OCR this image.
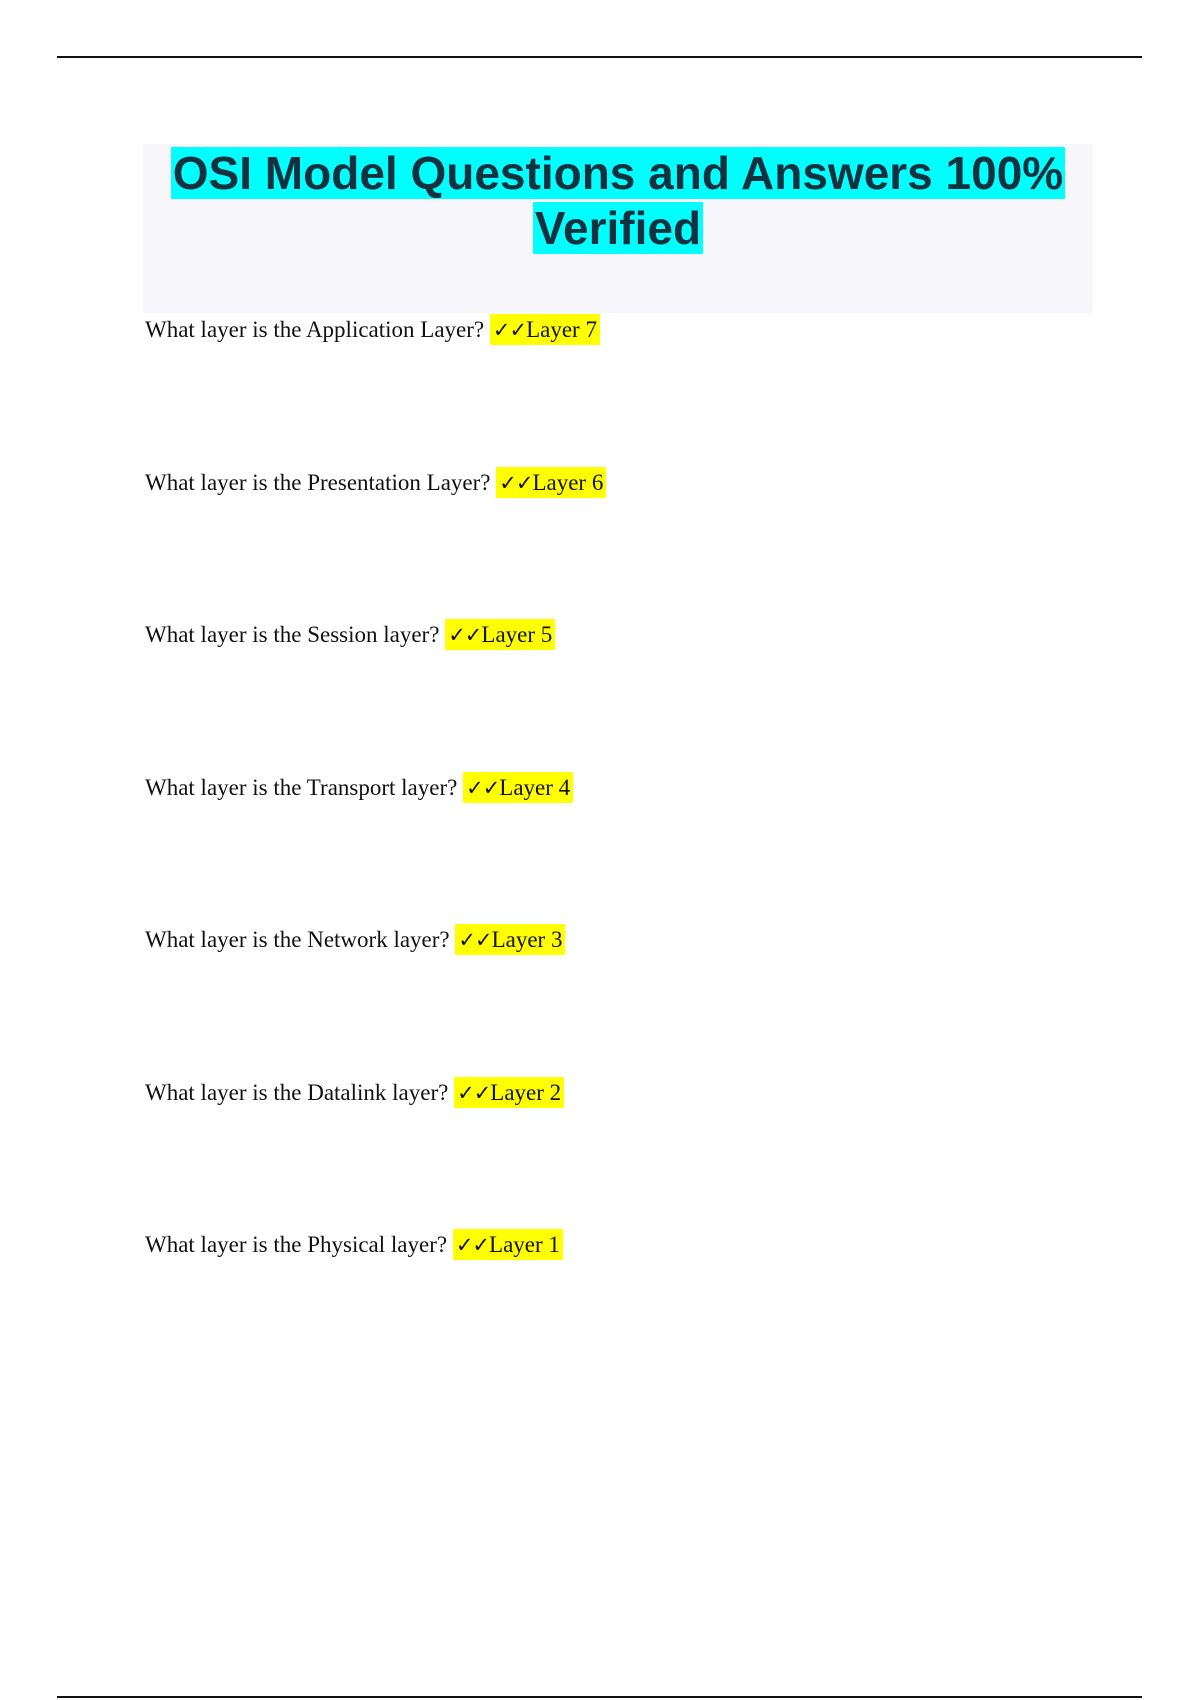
OSI Model Questions and Answers 100%
Verified
What layer is the Application Layer? ✓✓Layer 7
What layer is the Presentation Layer? ✓✓Layer 6
What layer is the Session layer? ✓✓Layer 5
What layer is the Transport layer? ✓✓Layer 4
What layer is the Network layer? ✓✓Layer 3
What layer is the Datalink layer? ✓✓Layer 2
What layer is the Physical layer? ✓✓Layer 1
